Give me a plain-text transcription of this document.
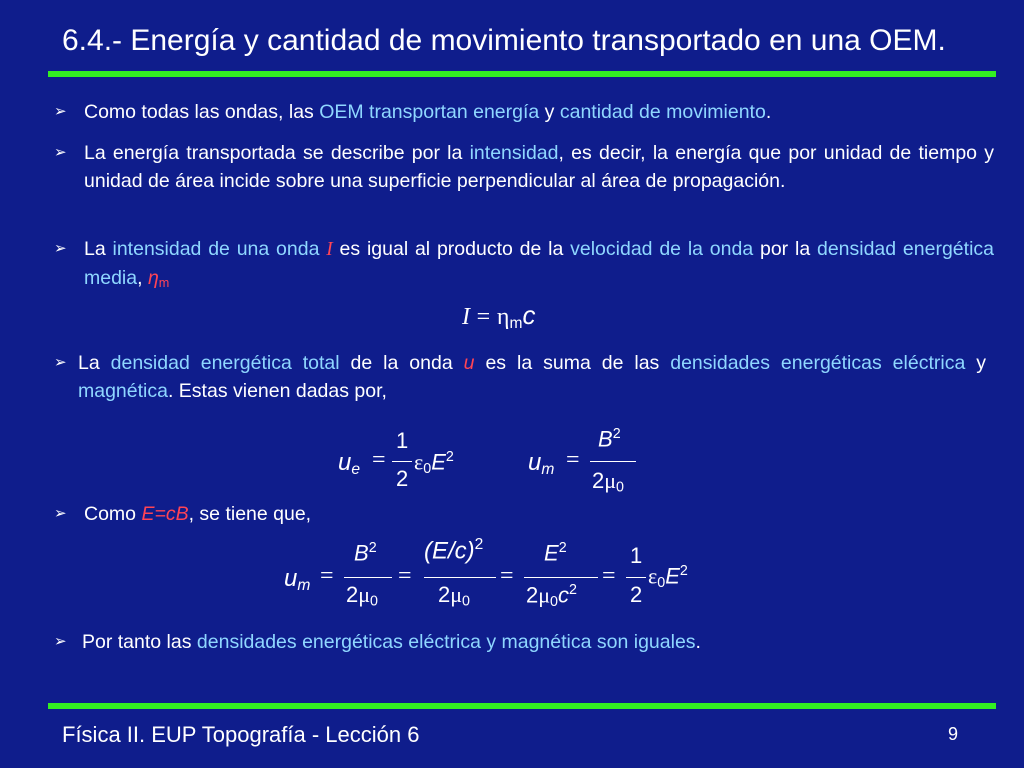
6.4.- Energía y cantidad de movimiento transportado en una OEM.
➢ Como todas las ondas, las OEM transportan energía y cantidad de movimiento.
➢ La energía transportada se describe por la intensidad, es decir, la energía que por unidad de tiempo y unidad de área incide sobre una superficie perpendicular al área de propagación.
➢ La intensidad de una onda I es igual al producto de la velocidad de la onda por la densidad energética media, $\eta_m$
$I = \eta_mc$
➢ La densidad energética total de la onda u es la suma de las densidades energéticas eléctrica y magnética. Estas vienen dadas por,
$u_e$ =
1
2
$\varepsilon_0E^2$	$u_m$ =
$B^2$
$2\mu_0$
➢ Como E=cB, se tiene que,
$u_m$ =
$B^2$
$2\mu_0$
=
$(E/c)^2$
$2\mu_0$
=
$E^2$
$2\mu_0c^2$
=
1
2
$\varepsilon_0E^2$
➢ Por tanto las densidades energéticas eléctrica y magnética son iguales.
Física II. EUP Topografía - Lección 6	9
